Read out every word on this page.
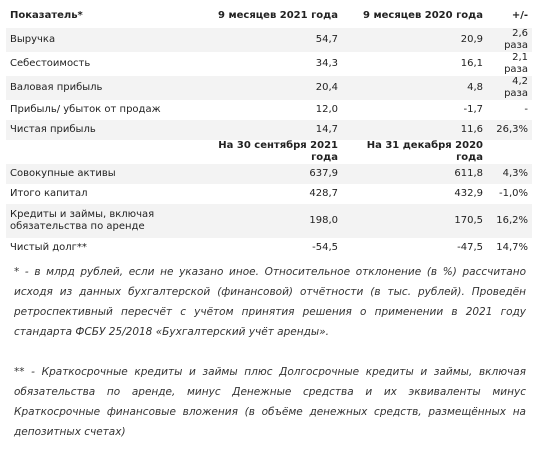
Показатель*	9 месяцев 2021 года	9 месяцев 2020 года	+/-
Выручка	54,7	20,9	2,6 раза
Себестоимость	34,3	16,1	2,1 раза
Валовая прибыль	20,4	4,8	4,2 раза
Прибыль/ убыток от продаж	12,0	-1,7	-
Чистая прибыль	14,7	11,6	26,3%
	На 30 сентября 2021 года	На 31 декабря 2020 года	
Совокупные активы	637,9	611,8	4,3%
Итого капитал	428,7	432,9	-1,0%
Кредиты и займы, включая обязательства по аренде	198,0	170,5	16,2%
Чистый долг**	-54,5	-47,5	14,7%

* - в млрд рублей, если не указано иное. Относительное отклонение (в %) рассчитано исходя из данных бухгалтерской (финансовой) отчётности (в тыс. рублей). Проведён ретроспективный пересчёт с учётом принятия решения о применении в 2021 году стандарта ФСБУ 25/2018 «Бухгалтерский учёт аренды».

** - Краткосрочные кредиты и займы плюс Долгосрочные кредиты и займы, включая обязательства по аренде, минус Денежные средства и их эквиваленты минус Краткосрочные финансовые вложения (в объёме денежных средств, размещённых на депозитных счетах)
